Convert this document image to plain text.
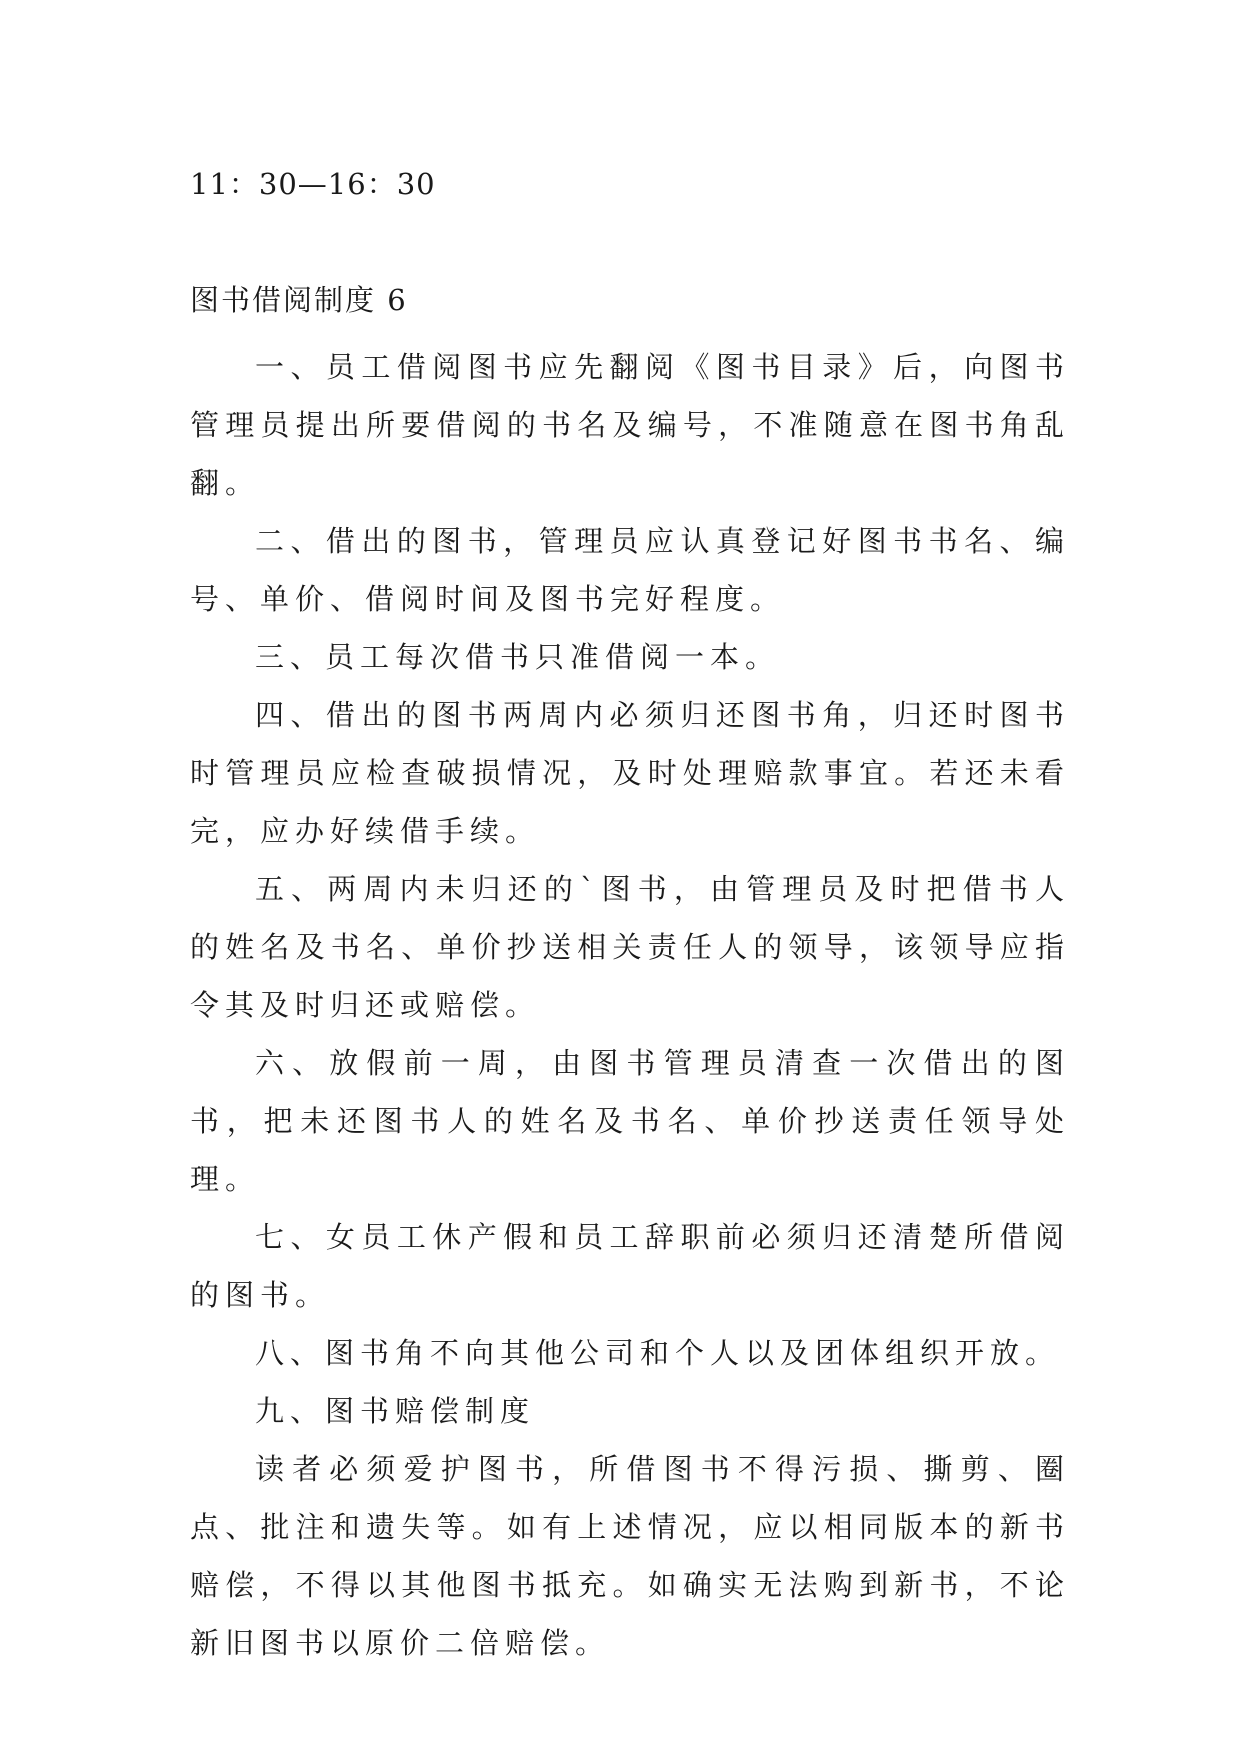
11：30—16：30
图书借阅制度 6

一、员工借阅图书应先翻阅《图书目录》后，向图书管理员提出所要借阅的书名及编号，不准随意在图书角乱翻。

二、借出的图书，管理员应认真登记好图书书名、编号、单价、借阅时间及图书完好程度。

三、员工每次借书只准借阅一本。

四、借出的图书两周内必须归还图书角，归还时图书时管理员应检查破损情况，及时处理赔款事宜。若还未看完，应办好续借手续。

五、两周内未归还的`图书，由管理员及时把借书人的姓名及书名、单价抄送相关责任人的领导，该领导应指令其及时归还或赔偿。

六、放假前一周，由图书管理员清查一次借出的图书，把未还图书人的姓名及书名、单价抄送责任领导处理。

七、女员工休产假和员工辞职前必须归还清楚所借阅的图书。

八、图书角不向其他公司和个人以及团体组织开放。

九、图书赔偿制度

读者必须爱护图书，所借图书不得污损、撕剪、圈点、批注和遗失等。如有上述情况，应以相同版本的新书赔偿，不得以其他图书抵充。如确实无法购到新书，不论新旧图书以原价二倍赔偿。
